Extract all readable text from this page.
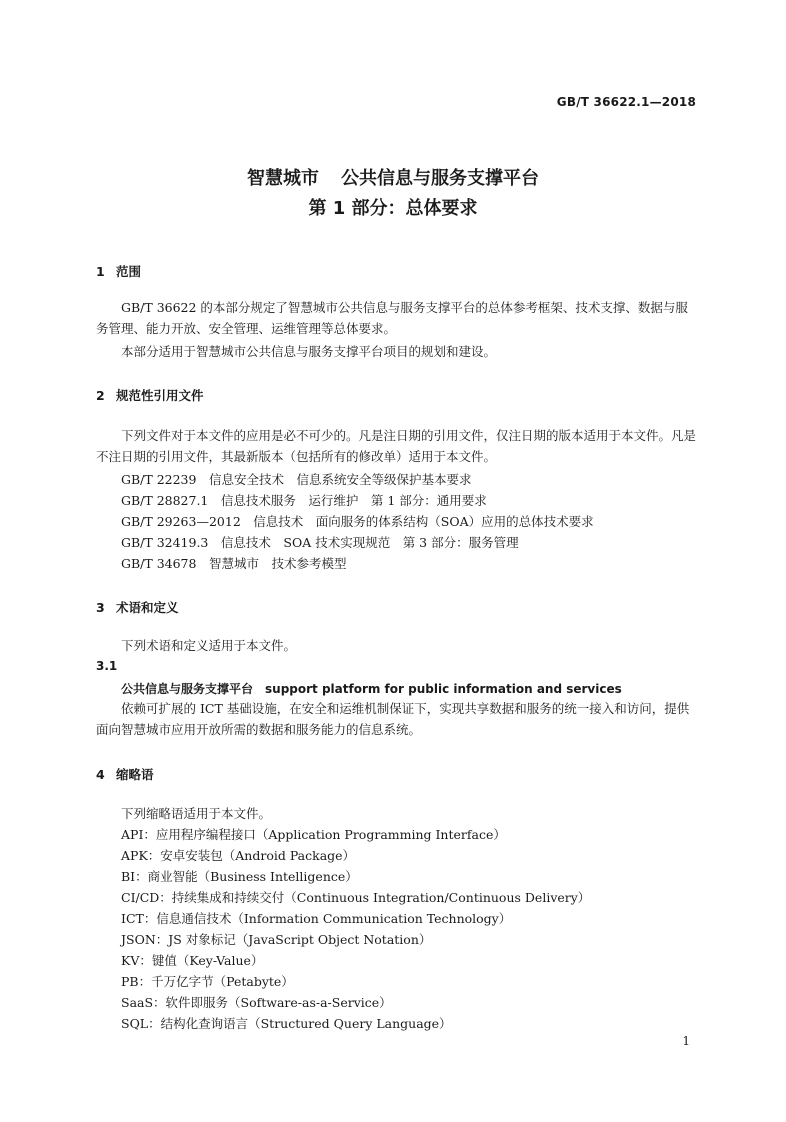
GB/T 36622.1—2018
智慧城市 公共信息与服务支撑平台
第 1 部分：总体要求
1 范围
GB/T 36622 的本部分规定了智慧城市公共信息与服务支撑平台的总体参考框架、技术支撑、数据与服务管理、能力开放、安全管理、运维管理等总体要求。
本部分适用于智慧城市公共信息与服务支撑平台项目的规划和建设。
2 规范性引用文件
下列文件对于本文件的应用是必不可少的。凡是注日期的引用文件，仅注日期的版本适用于本文件。凡是不注日期的引用文件，其最新版本（包括所有的修改单）适用于本文件。
GB/T 22239　信息安全技术　信息系统安全等级保护基本要求
GB/T 28827.1　信息技术服务　运行维护　第 1 部分：通用要求
GB/T 29263—2012　信息技术　面向服务的体系结构（SOA）应用的总体技术要求
GB/T 32419.3　信息技术　SOA 技术实现规范　第 3 部分：服务管理
GB/T 34678　智慧城市　技术参考模型
3 术语和定义
下列术语和定义适用于本文件。
3.1
公共信息与服务支撑平台 support platform for public information and services
依赖可扩展的 ICT 基础设施，在安全和运维机制保证下，实现共享数据和服务的统一接入和访问，提供面向智慧城市应用开放所需的数据和服务能力的信息系统。
4 缩略语
下列缩略语适用于本文件。
API：应用程序编程接口（Application Programming Interface）
APK：安卓安装包（Android Package）
BI：商业智能（Business Intelligence）
CI/CD：持续集成和持续交付（Continuous Integration/Continuous Delivery）
ICT：信息通信技术（Information Communication Technology）
JSON：JS 对象标记（JavaScript Object Notation）
KV：键值（Key-Value）
PB：千万亿字节（Petabyte）
SaaS：软件即服务（Software-as-a-Service）
SQL：结构化查询语言（Structured Query Language）
1
